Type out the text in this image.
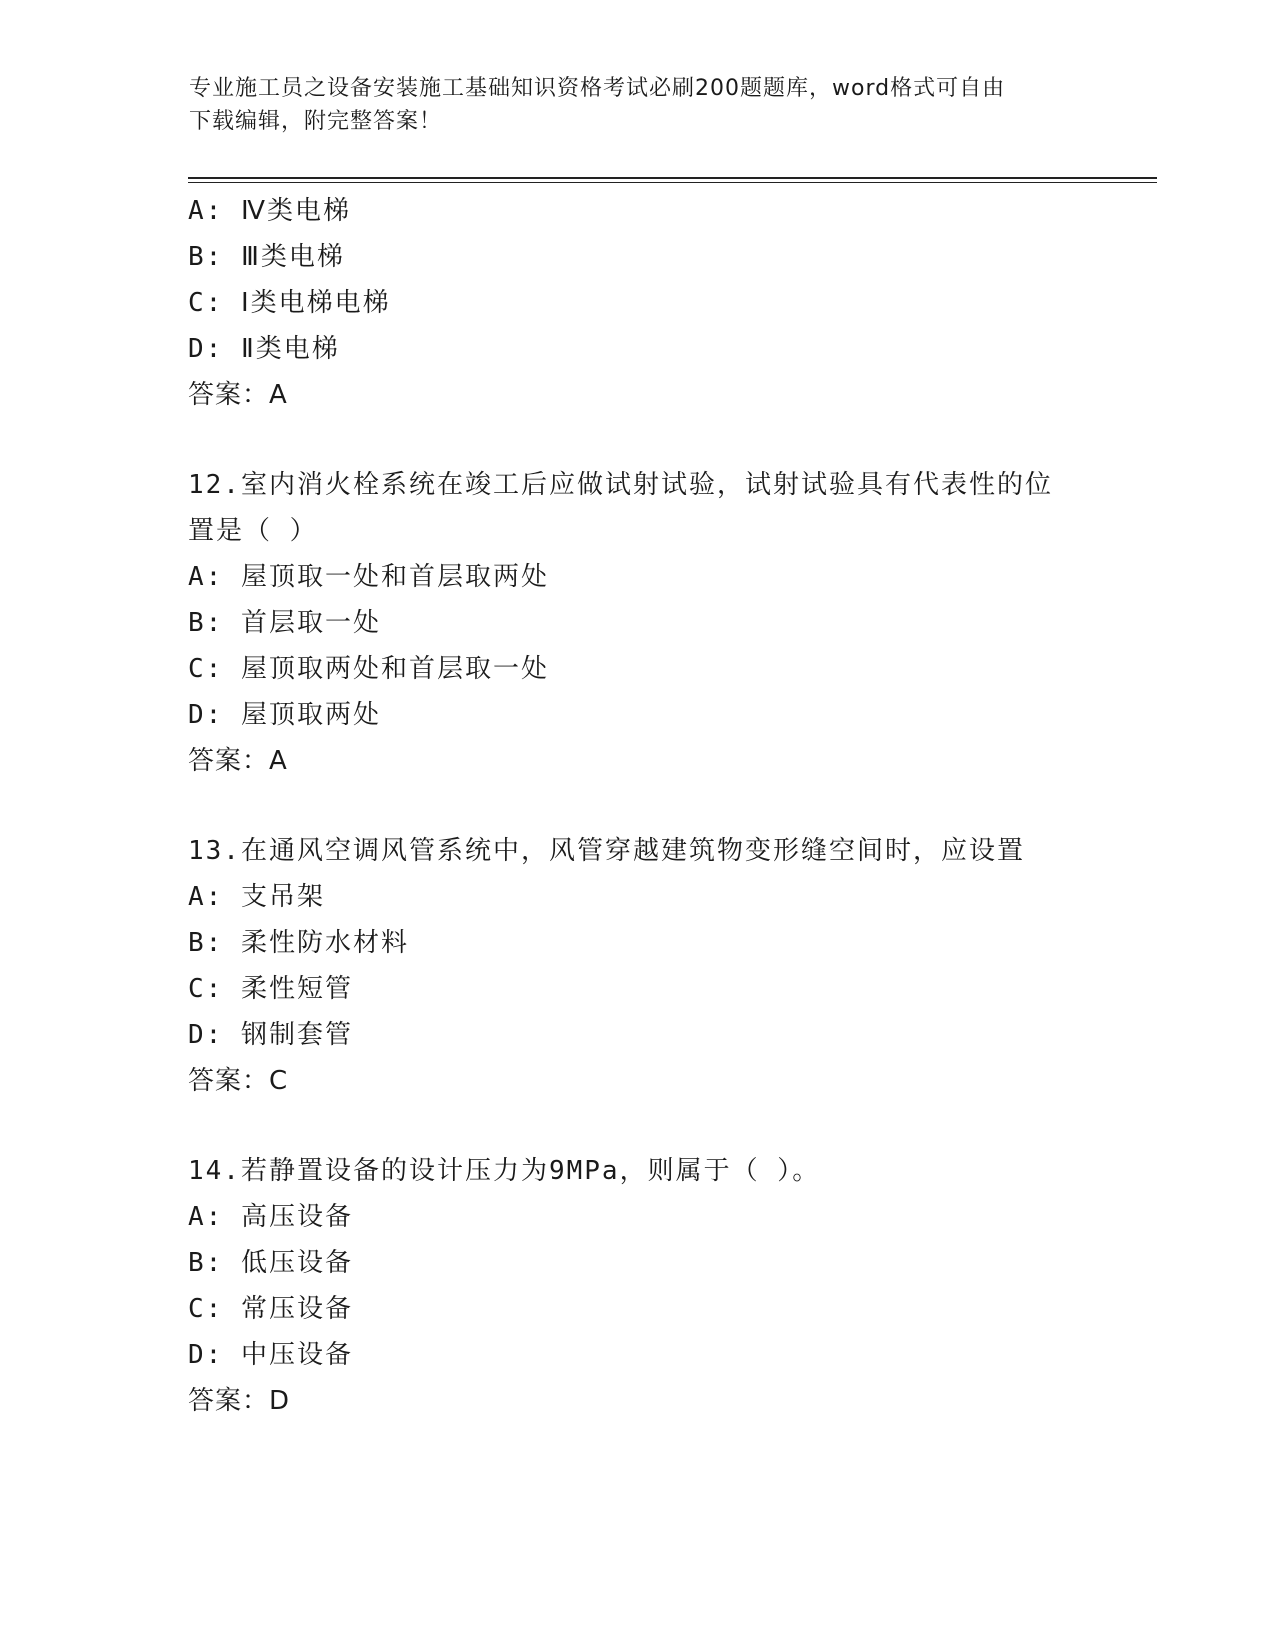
专业施工员之设备安装施工基础知识资格考试必刷200题题库，word格式可自由
下载编辑，附完整答案！
A: Ⅳ类电梯
B: Ⅲ类电梯
C: Ⅰ类电梯电梯
D: Ⅱ类电梯
答案：A
12.室内消火栓系统在竣工后应做试射试验，试射试验具有代表性的位
置是（ ）
A: 屋顶取一处和首层取两处
B: 首层取一处
C: 屋顶取两处和首层取一处
D: 屋顶取两处
答案：A
13.在通风空调风管系统中，风管穿越建筑物变形缝空间时，应设置
A: 支吊架
B: 柔性防水材料
C: 柔性短管
D: 钢制套管
答案：C
14.若静置设备的设计压力为9MPa，则属于（ ）。
A: 高压设备
B: 低压设备
C: 常压设备
D: 中压设备
答案：D
